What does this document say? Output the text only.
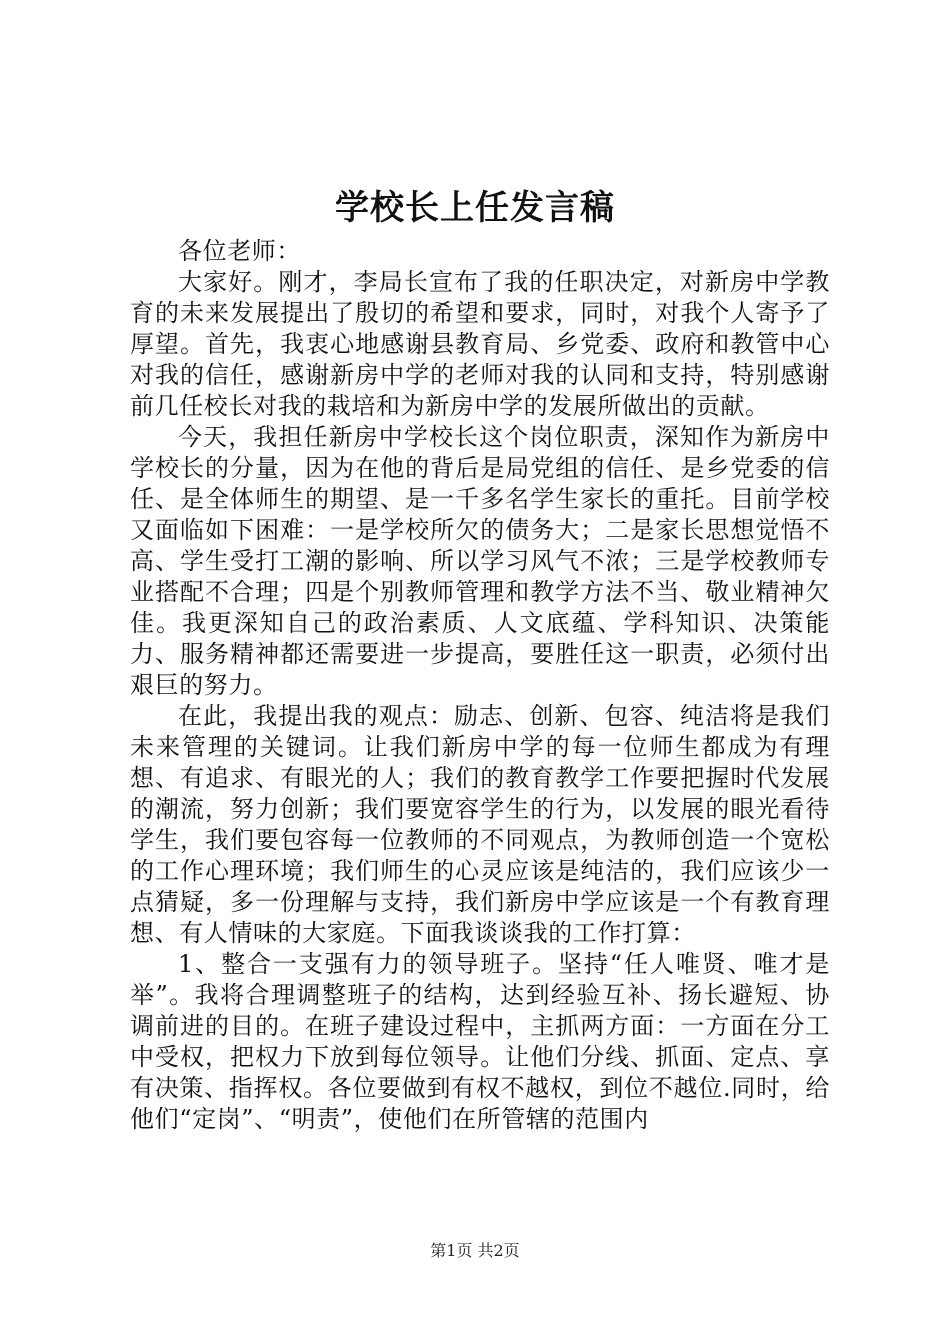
学校长上任发言稿

各位老师：

大家好。刚才，李局长宣布了我的任职决定，对新房中学教育的未来发展提出了殷切的希望和要求，同时，对我个人寄予了厚望。首先，我衷心地感谢县教育局、乡党委、政府和教管中心对我的信任，感谢新房中学的老师对我的认同和支持，特别感谢前几任校长对我的栽培和为新房中学的发展所做出的贡献。

今天，我担任新房中学校长这个岗位职责，深知作为新房中学校长的分量，因为在他的背后是局党组的信任、是乡党委的信任、是全体师生的期望、是一千多名学生家长的重托。目前学校又面临如下困难：一是学校所欠的债务大；二是家长思想觉悟不高、学生受打工潮的影响、所以学习风气不浓；三是学校教师专业搭配不合理；四是个别教师管理和教学方法不当、敬业精神欠佳。我更深知自己的政治素质、人文底蕴、学科知识、决策能力、服务精神都还需要进一步提高，要胜任这一职责，必须付出艰巨的努力。

在此，我提出我的观点：励志、创新、包容、纯洁将是我们未来管理的关键词。让我们新房中学的每一位师生都成为有理想、有追求、有眼光的人；我们的教育教学工作要把握时代发展的潮流，努力创新；我们要宽容学生的行为，以发展的眼光看待学生，我们要包容每一位教师的不同观点，为教师创造一个宽松的工作心理环境；我们师生的心灵应该是纯洁的，我们应该少一点猜疑，多一份理解与支持，我们新房中学应该是一个有教育理想、有人情味的大家庭。下面我谈谈我的工作打算：

1、整合一支强有力的领导班子。坚持“任人唯贤、唯才是举”。我将合理调整班子的结构，达到经验互补、扬长避短、协调前进的目的。在班子建设过程中，主抓两方面：一方面在分工中受权，把权力下放到每位领导。让他们分线、抓面、定点、享有决策、指挥权。各位要做到有权不越权，到位不越位.同时，给他们“定岗”、“明责”，使他们在所管辖的范围内

第1页 共2页
